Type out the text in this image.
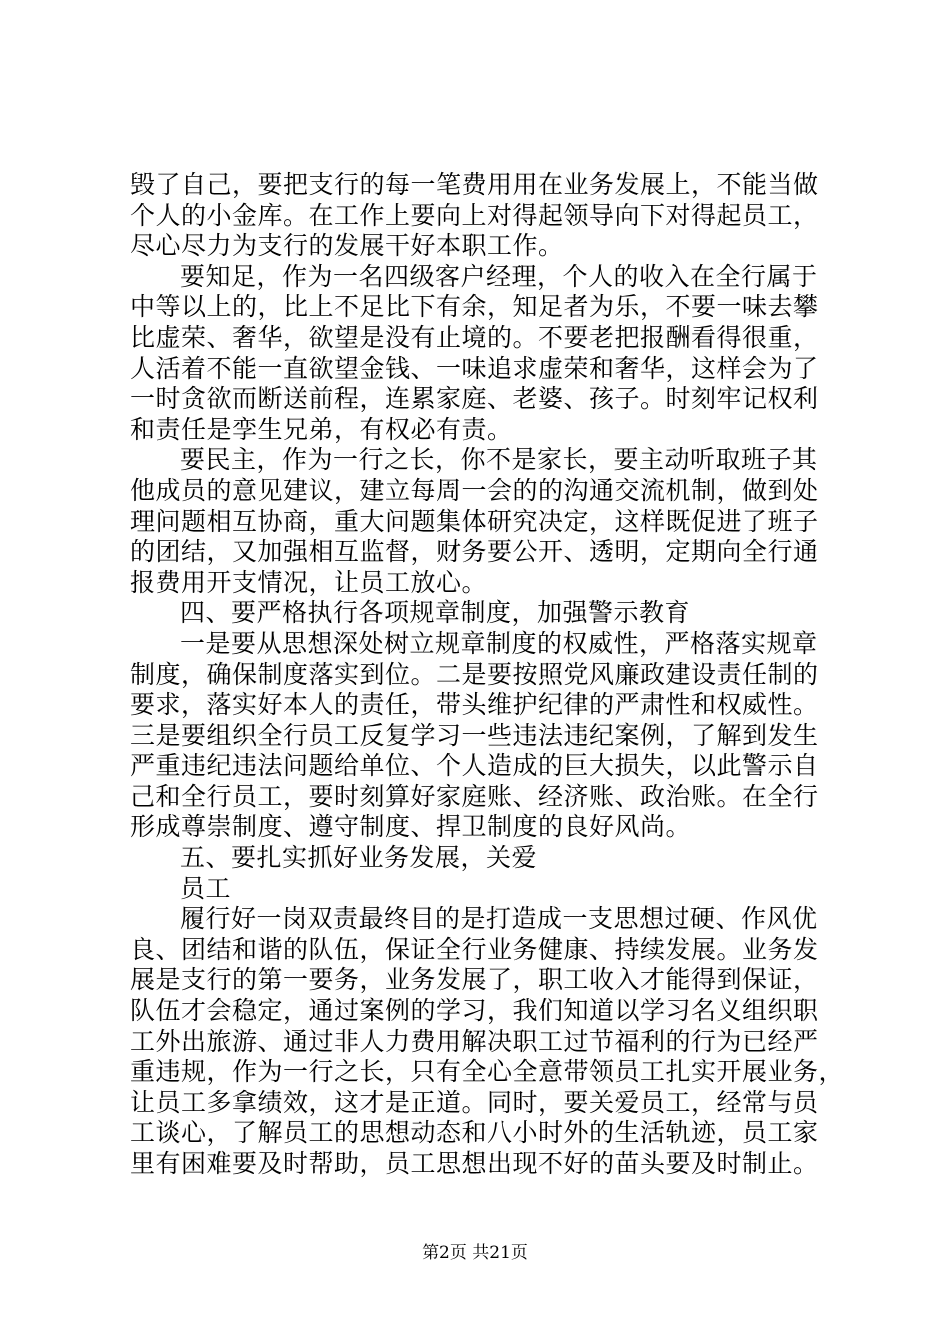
毁了自己，要把支行的每一笔费用用在业务发展上，不能当做
个人的小金库。在工作上要向上对得起领导向下对得起员工，
尽心尽力为支行的发展干好本职工作。
要知足，作为一名四级客户经理，个人的收入在全行属于
中等以上的，比上不足比下有余，知足者为乐，不要一味去攀
比虚荣、奢华，欲望是没有止境的。不要老把报酬看得很重，
人活着不能一直欲望金钱、一味追求虚荣和奢华，这样会为了
一时贪欲而断送前程，连累家庭、老婆、孩子。时刻牢记权利
和责任是孪生兄弟，有权必有责。
要民主，作为一行之长，你不是家长，要主动听取班子其
他成员的意见建议，建立每周一会的的沟通交流机制，做到处
理问题相互协商，重大问题集体研究决定，这样既促进了班子
的团结，又加强相互监督，财务要公开、透明，定期向全行通
报费用开支情况，让员工放心。
四、要严格执行各项规章制度，加强警示教育
一是要从思想深处树立规章制度的权威性，严格落实规章
制度，确保制度落实到位。二是要按照党风廉政建设责任制的
要求，落实好本人的责任，带头维护纪律的严肃性和权威性。
三是要组织全行员工反复学习一些违法违纪案例，了解到发生
严重违纪违法问题给单位、个人造成的巨大损失，以此警示自
己和全行员工，要时刻算好家庭账、经济账、政治账。在全行
形成尊崇制度、遵守制度、捍卫制度的良好风尚。
五、要扎实抓好业务发展，关爱
员工
履行好一岗双责最终目的是打造成一支思想过硬、作风优
良、团结和谐的队伍，保证全行业务健康、持续发展。业务发
展是支行的第一要务，业务发展了，职工收入才能得到保证，
队伍才会稳定，通过案例的学习，我们知道以学习名义组织职
工外出旅游、通过非人力费用解决职工过节福利的行为已经严
重违规，作为一行之长，只有全心全意带领员工扎实开展业务，
让员工多拿绩效，这才是正道。同时，要关爱员工，经常与员
工谈心，了解员工的思想动态和八小时外的生活轨迹，员工家
里有困难要及时帮助，员工思想出现不好的苗头要及时制止。
第2页 共21页
